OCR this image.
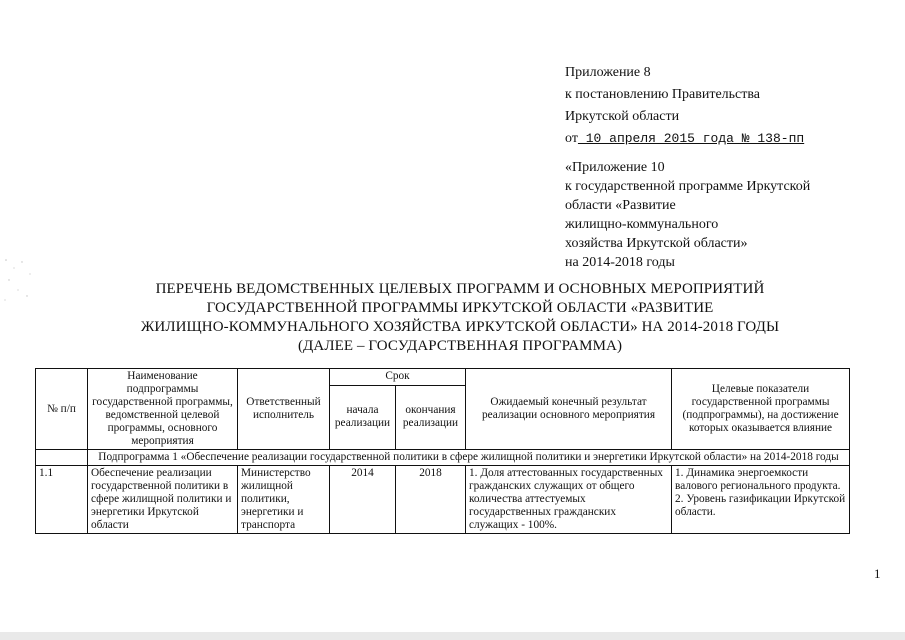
Приложение 8
к постановлению Правительства
Иркутской области
от 10 апреля 2015 года № 138-пп
«Приложение 10
к государственной программе Иркутской
области «Развитие
жилищно-коммунального
хозяйства Иркутской области»
на 2014-2018 годы
ПЕРЕЧЕНЬ ВЕДОМСТВЕННЫХ ЦЕЛЕВЫХ ПРОГРАММ И ОСНОВНЫХ МЕРОПРИЯТИЙ
ГОСУДАРСТВЕННОЙ ПРОГРАММЫ ИРКУТСКОЙ ОБЛАСТИ «РАЗВИТИЕ
ЖИЛИЩНО-КОММУНАЛЬНОГО ХОЗЯЙСТВА ИРКУТСКОЙ ОБЛАСТИ» НА 2014-2018 ГОДЫ
(ДАЛЕЕ – ГОСУДАРСТВЕННАЯ ПРОГРАММА)
№ п/п	Наименование подпрограммы государственной программы, ведомственной целевой программы, основного мероприятия	Ответственный исполнитель	Срок		Ожидаемый конечный результат реализации основного мероприятия	Целевые показатели государственной программы (подпрограммы), на достижение которых оказывается влияние
			начала реализации	окончания реализации		
	Подпрограмма 1 «Обеспечение реализации государственной политики в сфере жилищной политики и энергетики Иркутской области» на 2014-2018 годы					
1.1	Обеспечение реализации государственной политики в сфере жилищной политики и энергетики Иркутской области	Министерство жилищной политики, энергетики и транспорта	2014	2018	1. Доля аттестованных государственных гражданских служащих от общего количества аттестуемых государственных гражданских служащих - 100%.	1. Динамика энергоемкости валового регионального продукта.
2. Уровень газификации Иркутской области.
1
